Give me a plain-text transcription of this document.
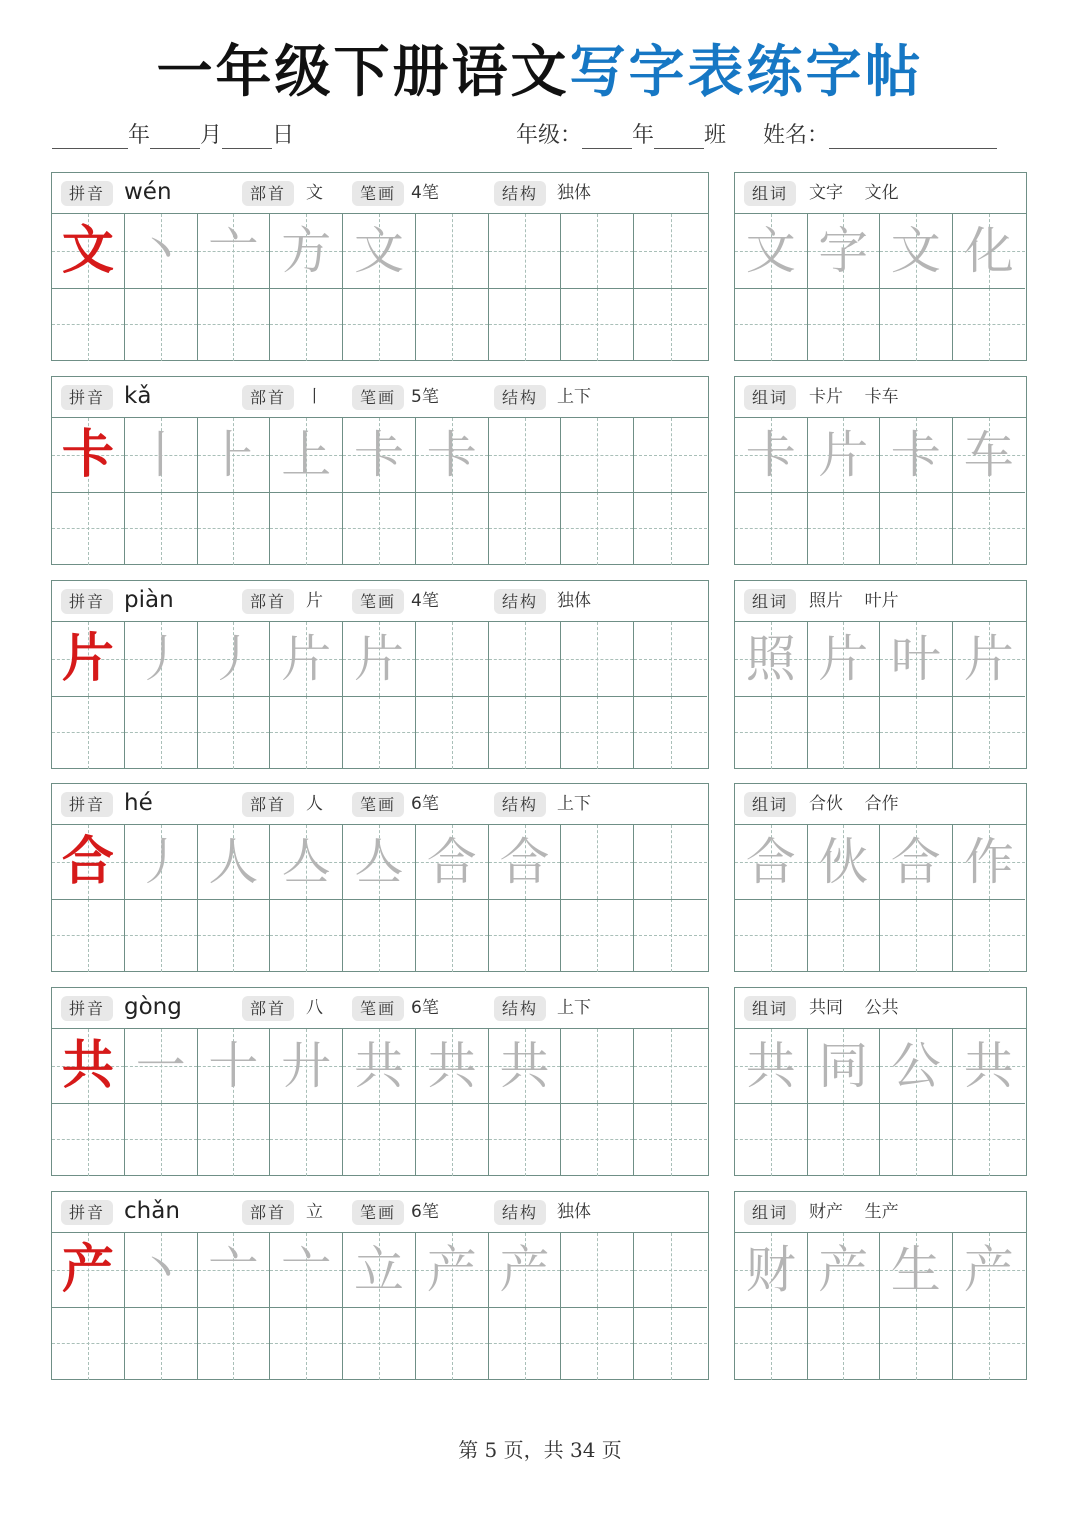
一年级下册语文写字表练字帖
年 月 日	年级： 年 班 姓名：
拼音 wén	部首	文	笔画 4笔	结构	独体
文 丶 亠 方 文
组词	文字    文化
文 字 文 化
拼音 kǎ	部首	丨	笔画 5笔	结构	上下
卡 丨 ⺊ 上 卡 卡
组词	卡片    卡车
卡 片 卡 车
拼音 piàn	部首	片	笔画 4笔	结构	独体
片 丿 丿 片 片
组词	照片    叶片
照 片 叶 片
拼音 hé	部首	人	笔画 6笔	结构	上下
合 丿 人 亼 亼 合 合
组词	合伙    合作
合 伙 合 作
拼音 gòng	部首	八	笔画 6笔	结构	上下
共 一 十 廾 共 共 共
组词	共同    公共
共 同 公 共
拼音 chǎn	部首	立	笔画 6笔	结构	独体
产 丶 亠 亠 立 产 产
组词	财产    生产
财 产 生 产
第 5 页，共 34 页
